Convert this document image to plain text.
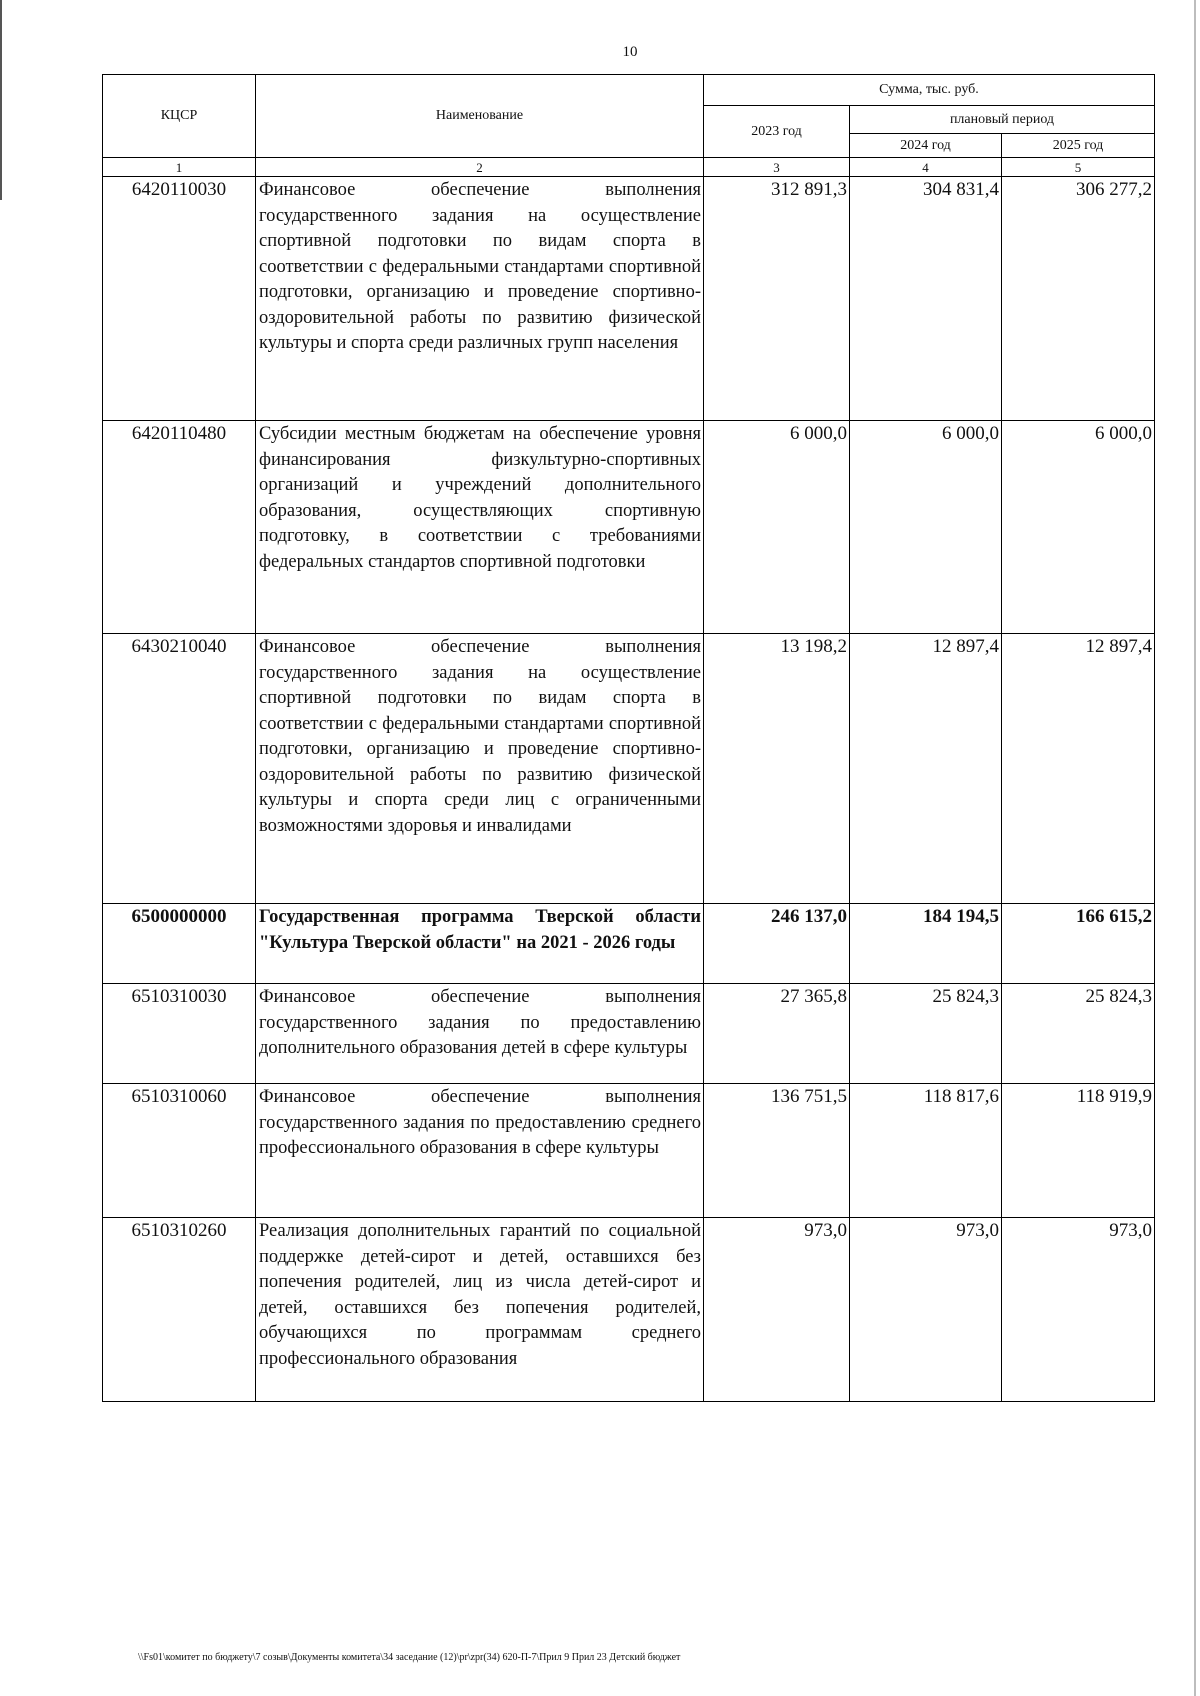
10
КЦСР	Наименование	Сумма, тыс. руб.		
		2023 год	плановый период	
			2024 год	2025 год
1	2	3	4	5
6420110030	Финансовое обеспечение выполнения государственного задания на осуществление спортивной подготовки по видам спорта в соответствии с федеральными стандартами спортивной подготовки, организацию и проведение спортивно-оздоровительной работы по развитию физической культуры и спорта среди различных групп населения	312 891,3	304 831,4	306 277,2
6420110480	Субсидии местным бюджетам на обеспечение уровня финансирования физкультурно-спортивных организаций и учреждений дополнительного образования, осуществляющих спортивную подготовку, в соответствии с требованиями федеральных стандартов спортивной подготовки	6 000,0	6 000,0	6 000,0
6430210040	Финансовое обеспечение выполнения государственного задания на осуществление спортивной подготовки по видам спорта в соответствии с федеральными стандартами спортивной подготовки, организацию и проведение спортивно-оздоровительной работы по развитию физической культуры и спорта среди лиц с ограниченными возможностями здоровья и инвалидами	13 198,2	12 897,4	12 897,4
6500000000	Государственная программа Тверской области "Культура Тверской области" на 2021 - 2026 годы	246 137,0	184 194,5	166 615,2
6510310030	Финансовое обеспечение выполнения государственного задания по предоставлению дополнительного образования детей в сфере культуры	27 365,8	25 824,3	25 824,3
6510310060	Финансовое обеспечение выполнения государственного задания по предоставлению среднего профессионального образования в сфере культуры	136 751,5	118 817,6	118 919,9
6510310260	Реализация дополнительных гарантий по социальной поддержке детей-сирот и детей, оставшихся без попечения родителей, лиц из числа детей-сирот и детей, оставшихся без попечения родителей, обучающихся по программам среднего профессионального образования	973,0	973,0	973,0
\\Fs01\комитет по бюджету\7 созыв\Документы комитета\34 заседание (12)\pr\zpr(34) 620-П-7\Прил 9 Прил 23 Детский бюджет
